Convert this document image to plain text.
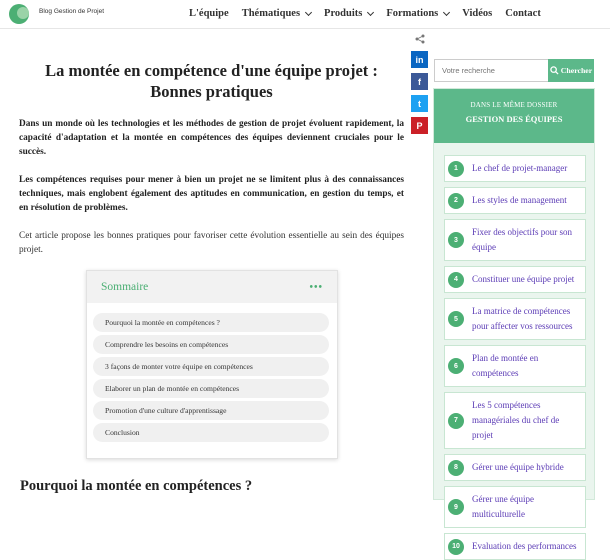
Blog Gestion de Projet	L'équipe Thématiques Produits Formations Vidéos Contact
La montée en compétence d'une équipe projet :
Bonnes pratiques

Dans un monde où les technologies et les méthodes de gestion de projet évoluent rapidement, la capacité d'adaptation et la montée en compétences des équipes deviennent cruciales pour le succès.

Les compétences requises pour mener à bien un projet ne se limitent plus à des connaissances techniques, mais englobent également des aptitudes en communication, en gestion du temps, et en résolution de problèmes.

Cet article propose les bonnes pratiques pour favoriser cette évolution essentielle au sein des équipes projet.

in
f
t
P
Sommaire	•••
Pourquoi la montée en compétences ?
Comprendre les besoins en compétences
3 façons de monter votre équipe en compétences
Elaborer un plan de montée en compétences
Promotion d'une culture d'apprentissage
Conclusion
Pourquoi la montée en compétences ?
Votre recherche
Chercher
DANS LE MÊME DOSSIER
GESTION DES ÉQUIPES
1	Le chef de projet-manager
2	Les styles de management
3
Fixer des objectifs pour son équipe
4	Constituer une équipe projet
5
La matrice de compétences pour affecter vos ressources
6
Plan de montée en compétences
7
Les 5 compétences managériales du chef de projet
8	Gérer une équipe hybride
9
Gérer une équipe multiculturelle
10	Evaluation des performances
